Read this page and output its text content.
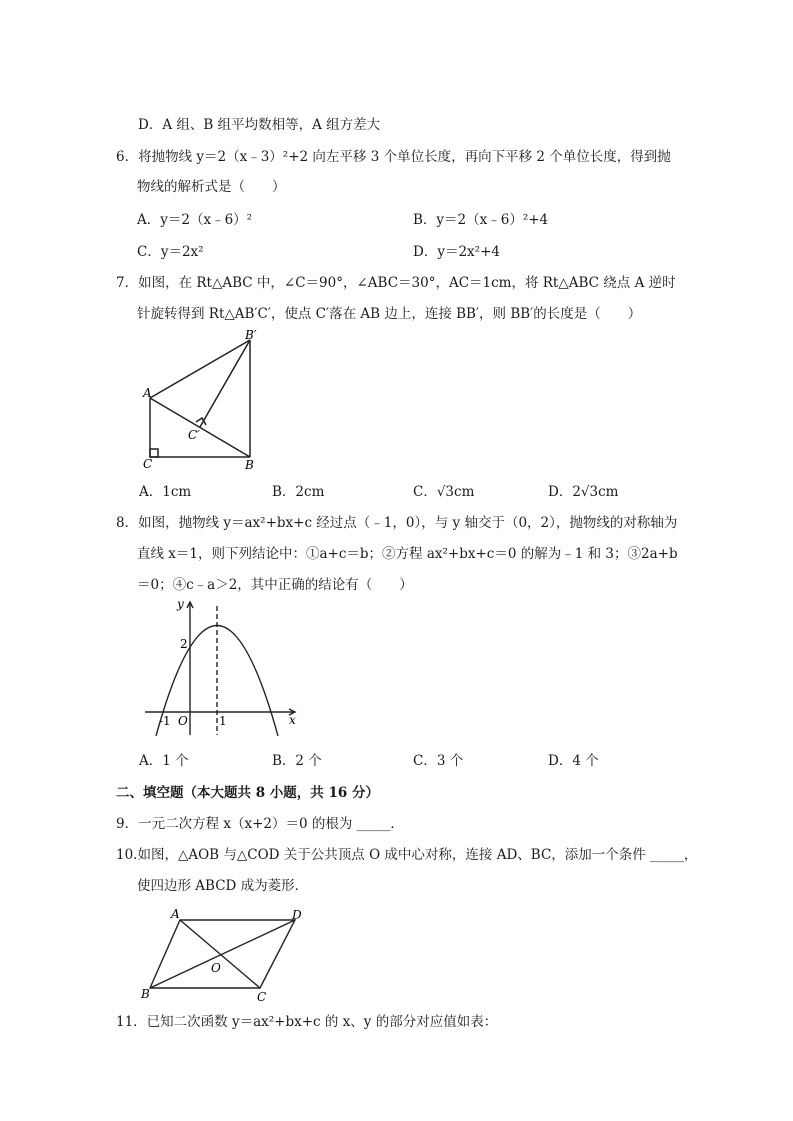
D．A 组、B 组平均数相等，A 组方差大
6．将抛物线 y＝2（x﹣3）²+2 向左平移 3 个单位长度，再向下平移 2 个单位长度，得到抛
物线的解析式是（　　）
A．y＝2（x﹣6）²	B．y＝2（x﹣6）²+4
C．y＝2x²	D．y＝2x²+4
7．如图，在 Rt△ABC 中，∠C＝90°，∠ABC＝30°，AC＝1cm，将 Rt△ABC 绕点 A 逆时
针旋转得到 Rt△AB′C′，使点 C′落在 AB 边上，连接 BB′，则 BB′的长度是（　　）
A
B
B′
C
C′
A．1cm	B．2cm	C．√3cm	D．2√3cm
8．如图，抛物线 y＝ax²+bx+c 经过点（﹣1，0），与 y 轴交于（0，2），抛物线的对称轴为
直线 x＝1，则下列结论中：①a+c＝b；②方程 ax²+bx+c＝0 的解为﹣1 和 3；③2a+b
＝0；④c﹣a＞2，其中正确的结论有（　　）
y
x
O
-1	1
2
A．1 个	B．2 个	C．3 个	D．4 个
二、填空题（本大题共 8 小题，共 16 分）
9．一元二次方程 x（x+2）＝0 的根为 _____．
10.如图，△AOB 与△COD 关于公共顶点 O 成中心对称，连接 AD、BC，添加一个条件 _____，
使四边形 ABCD 成为菱形．
A
B	C
D
O
11．已知二次函数 y＝ax²+bx+c 的 x、y 的部分对应值如表：
